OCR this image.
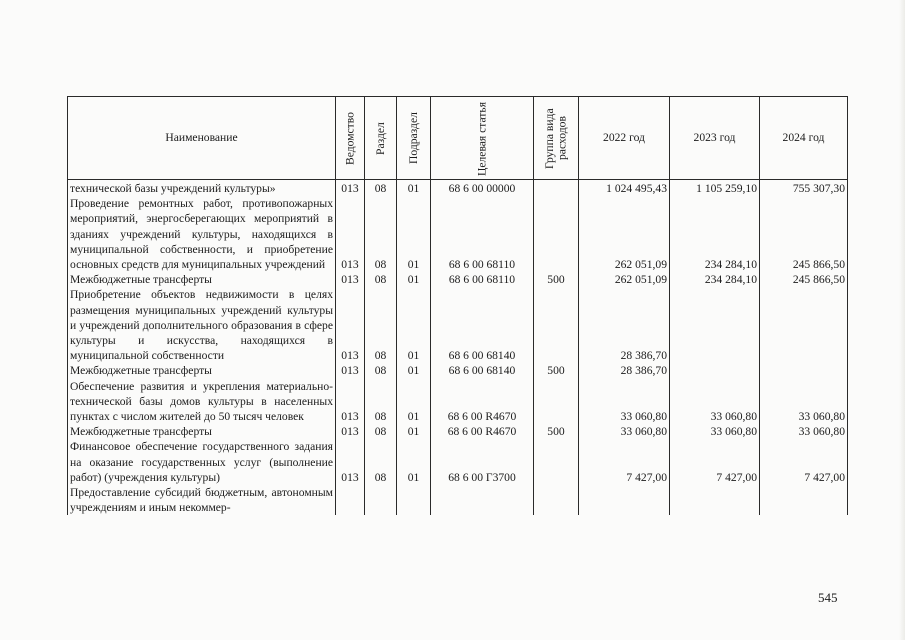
Наименование	Ведомство	Раздел	Подраздел	Целевая статья	Группа вида расходов	2022 год	2023 год	2024 год
технической базы учреждений культуры»	013	08	01	68 6 00 00000		1 024 495,43	1 105 259,10	755 307,30
Проведение ремонтных работ, противопожарных мероприятий, энергосберегающих мероприятий в зданиях учреждений культуры, находящихся в муниципальной собственности, и приобретение основных средств для муниципальных учреждений	013	08	01	68 6 00 68110		262 051,09	234 284,10	245 866,50
Межбюджетные трансферты	013	08	01	68 6 00 68110	500	262 051,09	234 284,10	245 866,50
Приобретение объектов недвижимости в целях размещения муниципальных учреждений культуры и учреждений дополнительного образования в сфере культуры и искусства, находящихся в муниципальной собственности	013	08	01	68 6 00 68140		28 386,70		
Межбюджетные трансферты	013	08	01	68 6 00 68140	500	28 386,70		
Обеспечение развития и укрепления материально-технической базы домов культуры в населенных пунктах с числом жителей до 50 тысяч человек	013	08	01	68 6 00 R4670		33 060,80	33 060,80	33 060,80
Межбюджетные трансферты	013	08	01	68 6 00 R4670	500	33 060,80	33 060,80	33 060,80
Финансовое обеспечение государственного задания на оказание государственных услуг (выполнение работ) (учреждения культуры)	013	08	01	68 6 00 Г3700		7 427,00	7 427,00	7 427,00
Предоставление субсидий бюджетным, автономным учреждениям и иным некоммер-								
545
